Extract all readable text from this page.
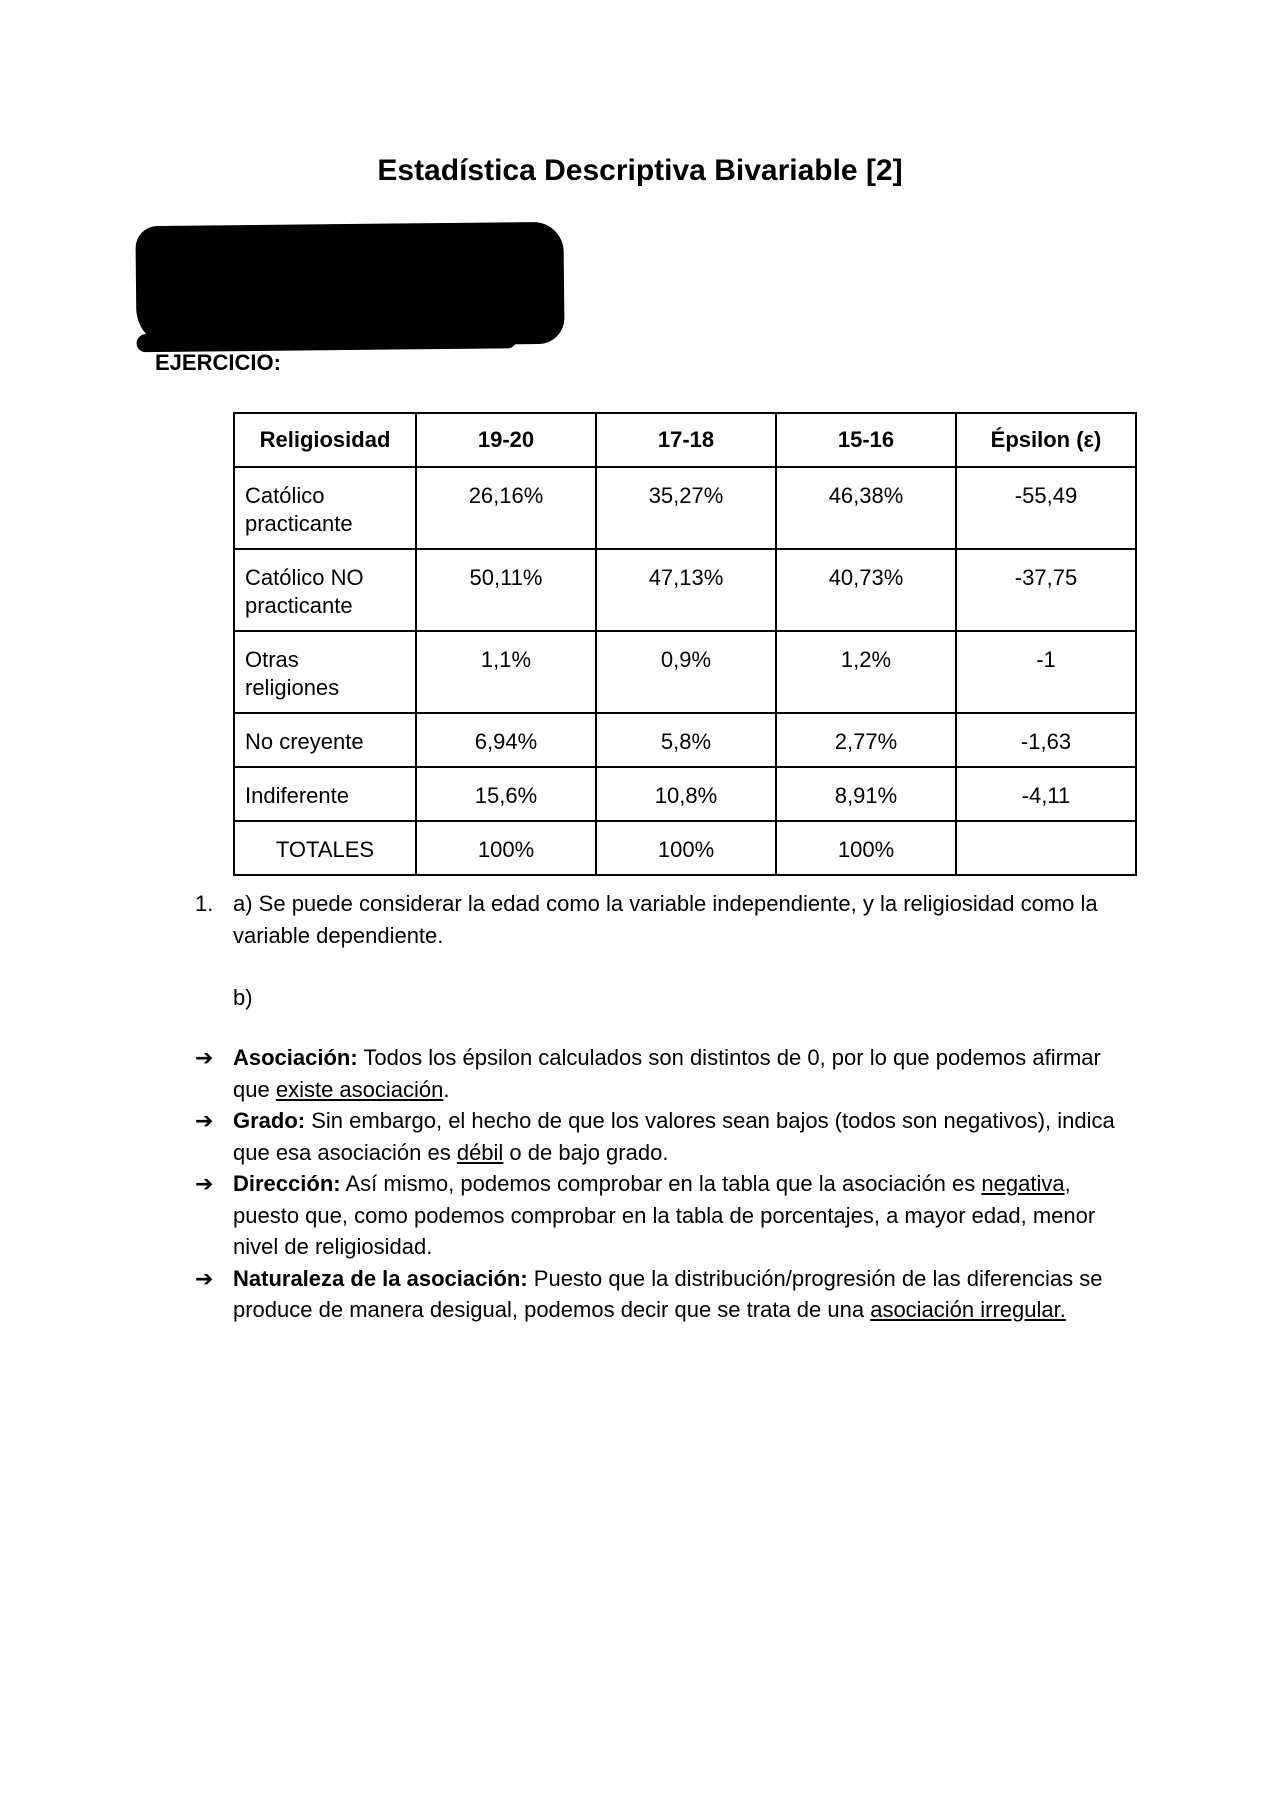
Estadística Descriptiva Bivariable [2]
EJERCICIO:
Religiosidad	19-20	17-18	15-16	Épsilon (ε)
Católico practicante	26,16%	35,27%	46,38%	-55,49
Católico NO practicante	50,11%	47,13%	40,73%	-37,75
Otras religiones	1,1%	0,9%	1,2%	-1
No creyente	6,94%	5,8%	2,77%	-1,63
Indiferente	15,6%	10,8%	8,91%	-4,11
TOTALES	100%	100%	100%	
1. a) Se puede considerar la edad como la variable independiente, y la religiosidad como la variable dependiente.
b)
➔ Asociación: Todos los épsilon calculados son distintos de 0, por lo que podemos afirmar que existe asociación.
➔ Grado: Sin embargo, el hecho de que los valores sean bajos (todos son negativos), indica que esa asociación es débil o de bajo grado.
➔ Dirección: Así mismo, podemos comprobar en la tabla que la asociación es negativa, puesto que, como podemos comprobar en la tabla de porcentajes, a mayor edad, menor nivel de religiosidad.
➔ Naturaleza de la asociación: Puesto que la distribución/progresión de las diferencias se produce de manera desigual, podemos decir que se trata de una asociación irregular.
